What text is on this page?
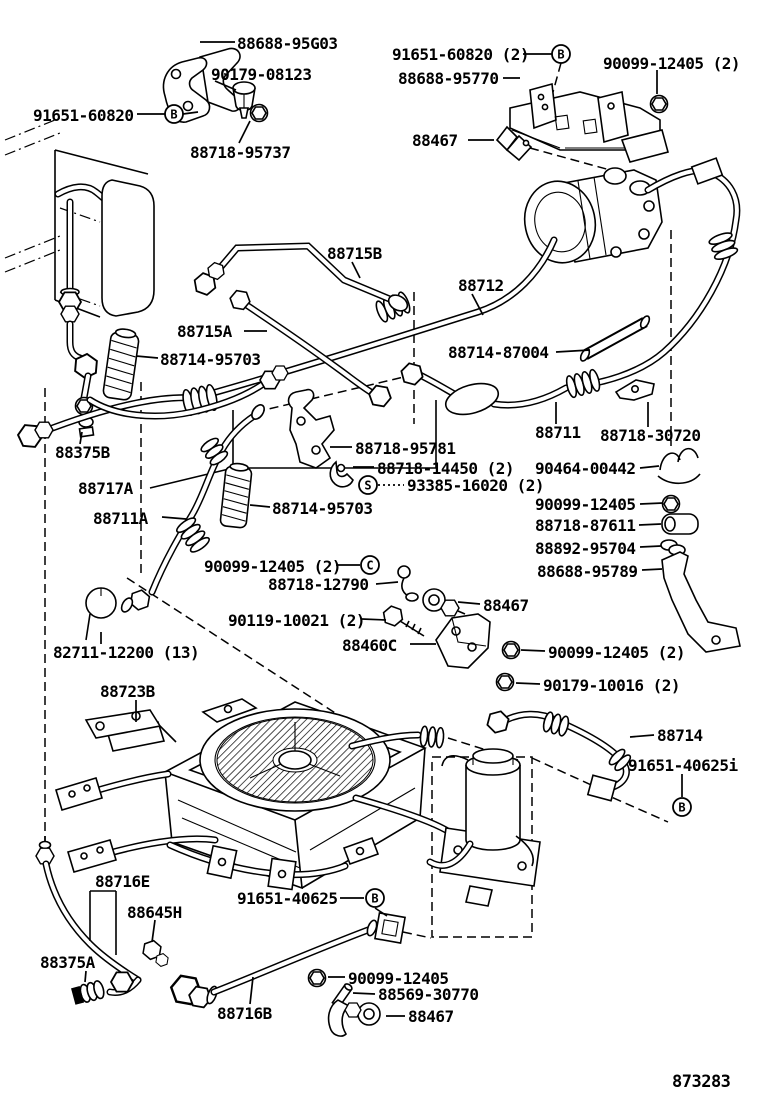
88688-95G03
90179-08123
91651-60820	B
88718-95737
91651-60820 (2) B
88688-95770
90099-12405 (2)
88467
88715B
88712
88715A
88714-95703	88714-87004
88711 88718-30720
88718-95781
88718-14450 (2)
93385-16020 (2)
S
90464-00442
88375B
88717A
88711A
88714-95703	90099-12405
88718-87611
88892-95704
88688-95789
90099-12405 (2) C
88718-12790
90119-10021 (2)
88467
88460C
82711-12200 (13)	90099-12405 (2)
90179-10016 (2)
88723B
88714
91651-40625i
B
88716E
88645H
88375A
91651-40625	B
88716B
90099-12405
88569-30770
88467
873283
